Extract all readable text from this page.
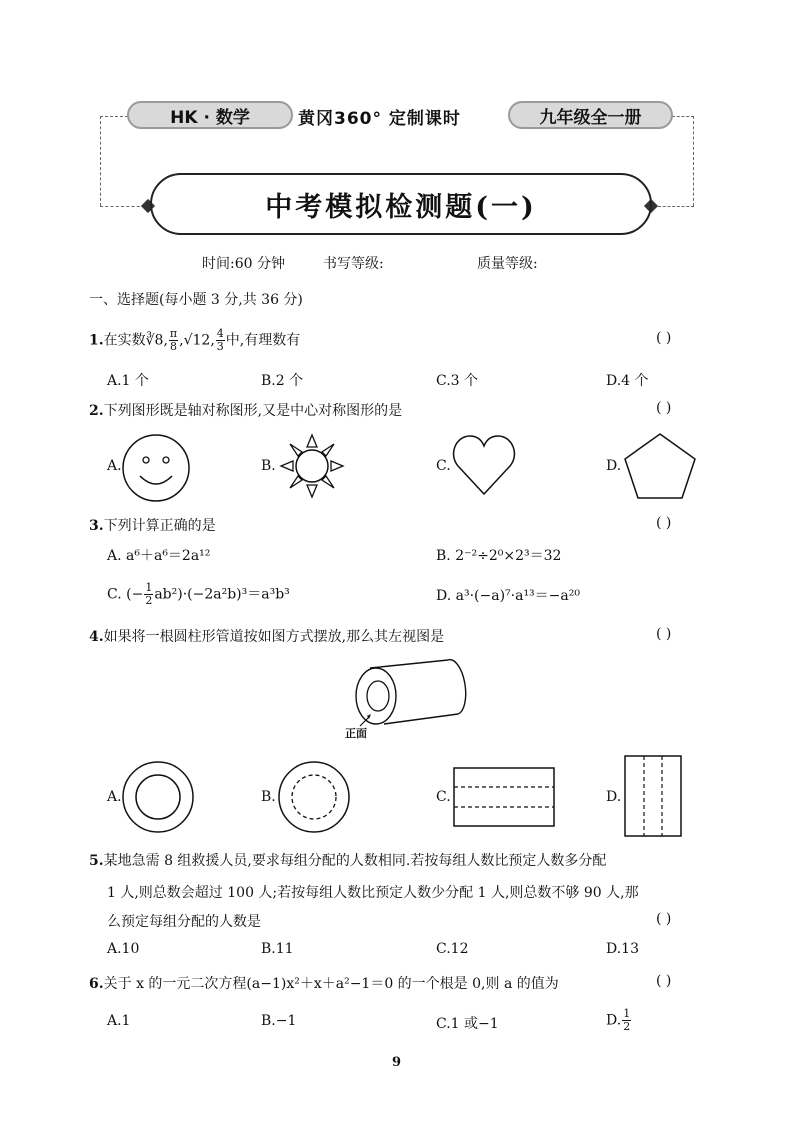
HK · 数学	黄冈360° 定制课时	九年级全一册
中考模拟检测题(一)
时间:60 分钟	书写等级:	质量等级:
一、选择题(每小题 3 分,共 36 分)
1.在实数∛8, $\frac{\pi}{8} ,√12$, $\frac{4}{3}$ 中,有理数有	( )
A.1 个	B.2 个	C.3 个	D.4 个
2.下列图形既是轴对称图形,又是中心对称图形的是	( )
A.	B.	C.	D.
3.下列计算正确的是	( )
A. a⁶＋a⁶＝2a¹²	B. 2⁻²÷2⁰×2³＝32
C. (− $\frac{1}{2} ab^2)\cdot(-2a^2b)^3=a^3b^3$	D. a³·(−a)⁷·a¹³＝−a²⁰
4.如果将一根圆柱形管道按如图方式摆放,那么其左视图是	( )
正面
A.	B.	C.	D.
5.某地急需 8 组救援人员,要求每组分配的人数相同.若按每组人数比预定人数多分配
1 人,则总数会超过 100 人;若按每组人数比预定人数少分配 1 人,则总数不够 90 人,那
么预定每组分配的人数是	( )
A.10	B.11	C.12	D.13
6.关于 x 的一元二次方程(a−1)x²＋x＋a²−1＝0 的一个根是 0,则 a 的值为	( )
A.1	B.−1	C.1 或−1	D. $\frac{1}{2}$
9
